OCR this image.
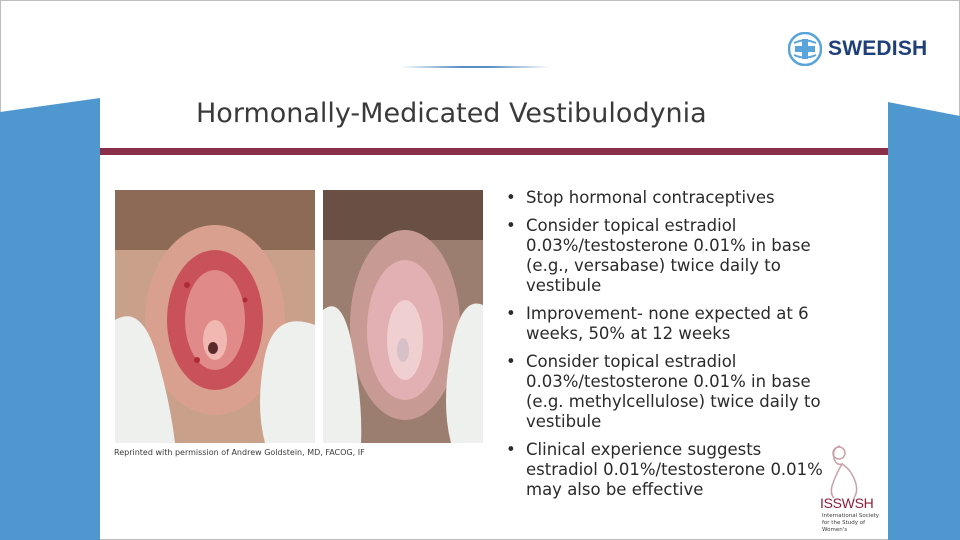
SWEDISH
Hormonally-Medicated Vestibulodynia
Reprinted with permission of Andrew Goldstein, MD, FACOG, IF
• Stop hormonal contraceptives
• Consider topical estradiol 0.03%/testosterone 0.01% in base (e.g., versabase) twice daily to vestibule
• Improvement- none expected at 6 weeks, 50% at 12 weeks
• Consider topical estradiol 0.03%/testosterone 0.01% in base (e.g. methylcellulose) twice daily to vestibule
• Clinical experience suggests estradiol 0.01%/testosterone 0.01% may also be effective
ISSWSH
International Society for the Study of Women's
